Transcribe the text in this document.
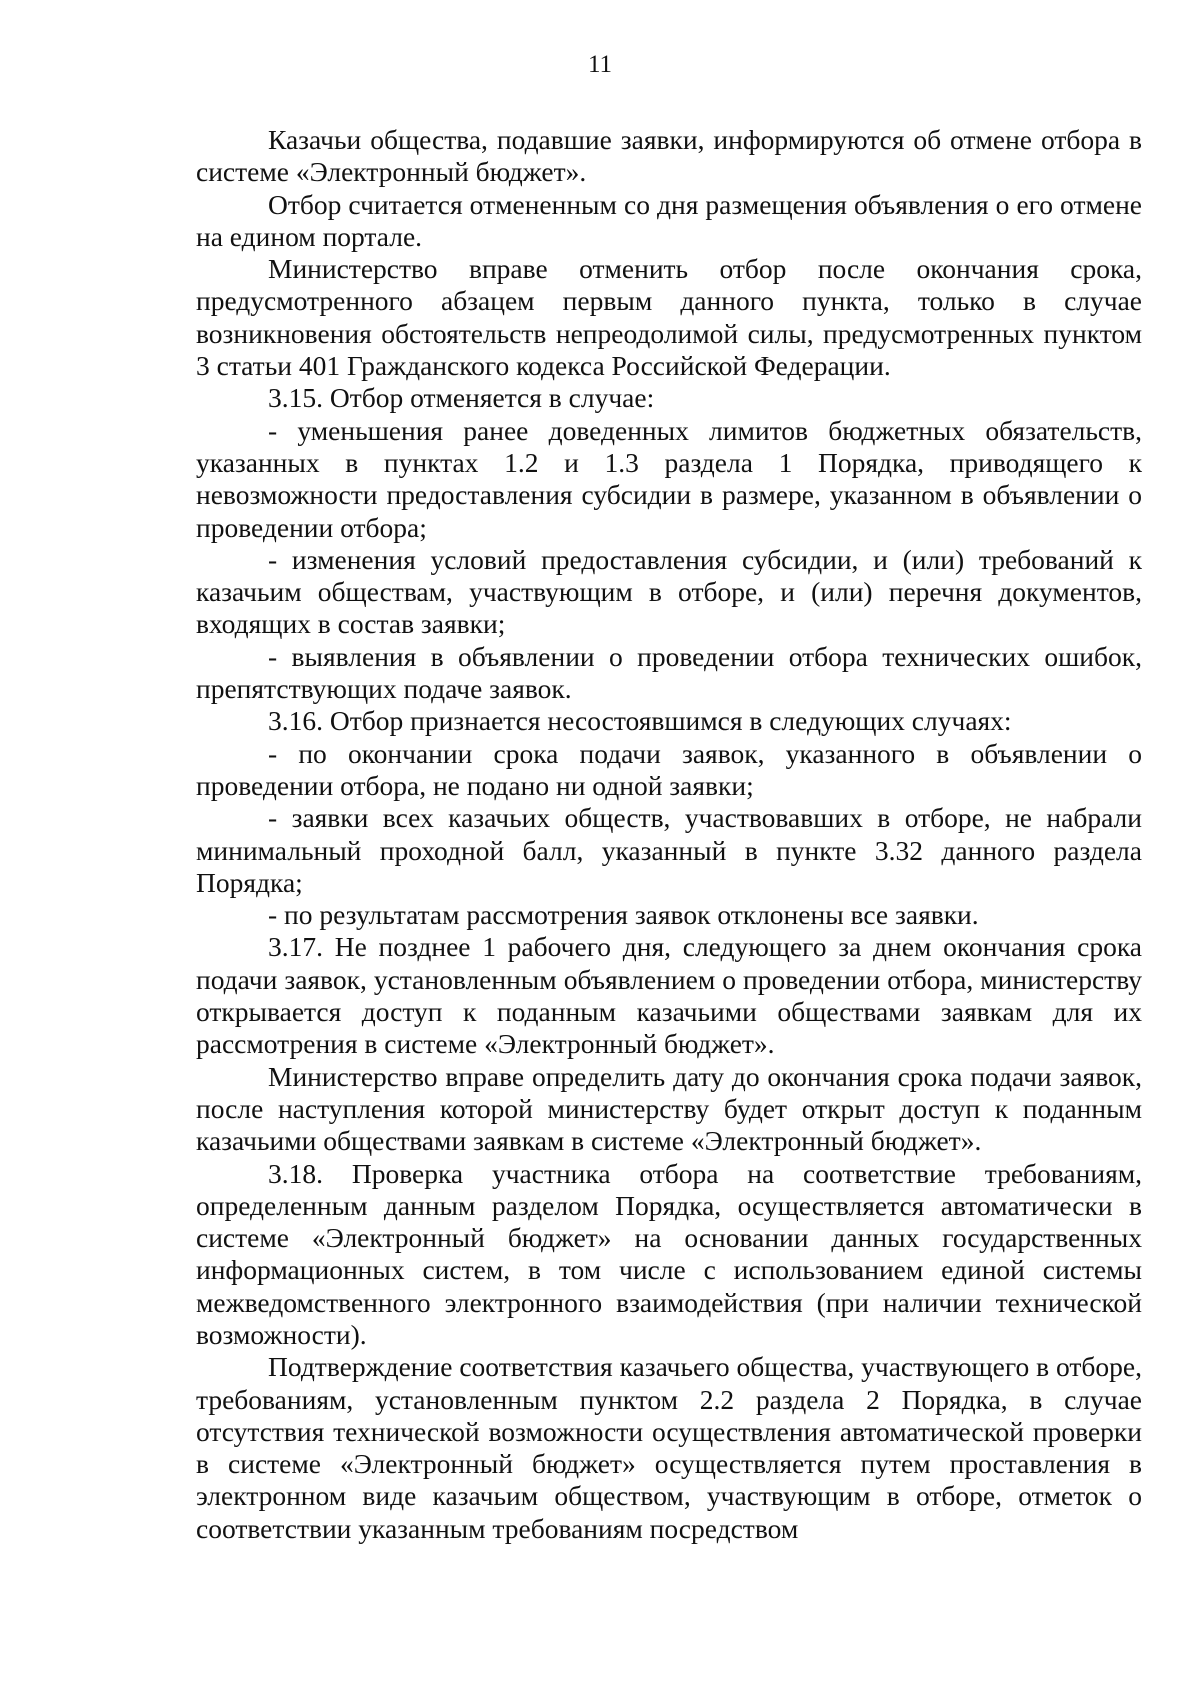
11

Казачьи общества, подавшие заявки, информируются об отмене отбора в системе «Электронный бюджет».

Отбор считается отмененным со дня размещения объявления о его отмене на едином портале.

Министерство вправе отменить отбор после окончания срока, предусмотренного абзацем первым данного пункта, только в случае возникновения обстоятельств непреодолимой силы, предусмотренных пунктом 3 статьи 401 Гражданского кодекса Российской Федерации.

3.15. Отбор отменяется в случае:

- уменьшения ранее доведенных лимитов бюджетных обязательств, указанных в пунктах 1.2 и 1.3 раздела 1 Порядка, приводящего к невозможности предоставления субсидии в размере, указанном в объявлении о проведении отбора;

- изменения условий предоставления субсидии, и (или) требований к казачьим обществам, участвующим в отборе, и (или) перечня документов, входящих в состав заявки;

- выявления в объявлении о проведении отбора технических ошибок, препятствующих подаче заявок.

3.16. Отбор признается несостоявшимся в следующих случаях:

- по окончании срока подачи заявок, указанного в объявлении о проведении отбора, не подано ни одной заявки;

- заявки всех казачьих обществ, участвовавших в отборе, не набрали минимальный проходной балл, указанный в пункте 3.32 данного раздела Порядка;

- по результатам рассмотрения заявок отклонены все заявки.

3.17. Не позднее 1 рабочего дня, следующего за днем окончания срока подачи заявок, установленным объявлением о проведении отбора, министерству открывается доступ к поданным казачьими обществами заявкам для их рассмотрения в системе «Электронный бюджет».

Министерство вправе определить дату до окончания срока подачи заявок, после наступления которой министерству будет открыт доступ к поданным казачьими обществами заявкам в системе «Электронный бюджет».

3.18. Проверка участника отбора на соответствие требованиям, определенным данным разделом Порядка, осуществляется автоматически в системе «Электронный бюджет» на основании данных государственных информационных систем, в том числе с использованием единой системы межведомственного электронного взаимодействия (при наличии технической возможности).

Подтверждение соответствия казачьего общества, участвующего в отборе, требованиям, установленным пунктом 2.2 раздела 2 Порядка, в случае отсутствия технической возможности осуществления автоматической проверки в системе «Электронный бюджет» осуществляется путем проставления в электронном виде казачьим обществом, участвующим в отборе, отметок о соответствии указанным требованиям посредством
